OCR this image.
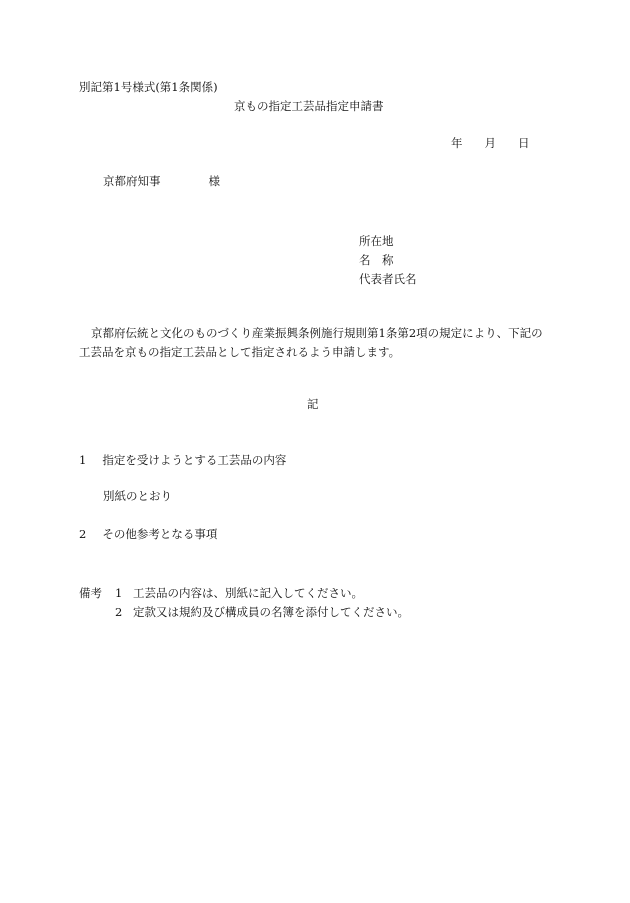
別記第1号様式(第1条関係)
京もの指定工芸品指定申請書
年 月 日
京都府知事	様
所在地
名　称
代表者氏名
京都府伝統と文化のものづくり産業振興条例施行規則第1条第2項の規定により、下記の工芸品を京もの指定工芸品として指定されるよう申請します。
記
1 指定を受けようとする工芸品の内容
別紙のとおり
2 その他参考となる事項
備考	1 工芸品の内容は、別紙に記入してください。
2 定款又は規約及び構成員の名簿を添付してください。
